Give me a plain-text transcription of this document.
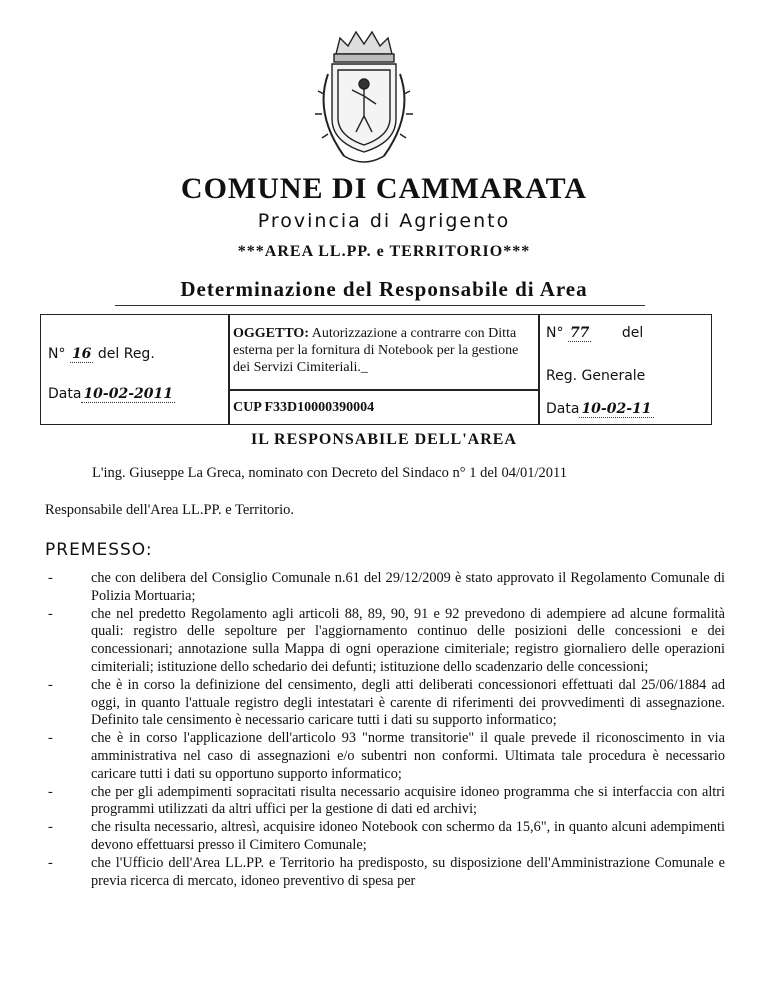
COMUNE DI CAMMARATA
Provincia di Agrigento
***AREA LL.PP. e TERRITORIO***
Determinazione del Responsabile di Area
N° 16 del Reg.
Data 10-02-2011
OGGETTO: Autorizzazione a contrarre con Ditta esterna per la fornitura di Notebook per la gestione dei Servizi Cimiteriali._
CUP F33D10000390004
N° 77 del
Reg. Generale
Data 10-02-11
IL RESPONSABILE DELL'AREA
L'ing. Giuseppe La Greca, nominato con Decreto del Sindaco n° 1 del 04/01/2011
Responsabile dell'Area LL.PP. e Territorio.
PREMESSO:
- che con delibera del Consiglio Comunale n.61 del 29/12/2009 è stato approvato il Regolamento Comunale di Polizia Mortuaria;
- che nel predetto Regolamento agli articoli 88, 89, 90, 91 e 92 prevedono di adempiere ad alcune formalità quali: registro delle sepolture per l'aggiornamento continuo delle posizioni delle concessioni e dei concessionari; annotazione sulla Mappa di ogni operazione cimiteriale; registro giornaliero delle operazioni cimiteriali; istituzione dello schedario dei defunti; istituzione dello scadenzario delle concessioni;
- che è in corso la definizione del censimento, degli atti deliberati concessionori effettuati dal 25/06/1884 ad oggi, in quanto l'attuale registro degli intestatari è carente di riferimenti dei provvedimenti di assegnazione. Definito tale censimento è necessario caricare tutti i dati su supporto informatico;
- che è in corso l'applicazione dell'articolo 93 "norme transitorie" il quale prevede il riconoscimento in via amministrativa nel caso di assegnazioni e/o subentri non conformi. Ultimata tale procedura è necessario caricare tutti i dati su opportuno supporto informatico;
- che per gli adempimenti sopracitati risulta necessario acquisire idoneo programma che si interfaccia con altri programmi utilizzati da altri uffici per la gestione di dati ed archivi;
- che risulta necessario, altresì, acquisire idoneo Notebook con schermo da 15,6", in quanto alcuni adempimenti devono effettuarsi presso il Cimitero Comunale;
- che l'Ufficio dell'Area LL.PP. e Territorio ha predisposto, su disposizione dell'Amministrazione Comunale e previa ricerca di mercato, idoneo preventivo di spesa per
